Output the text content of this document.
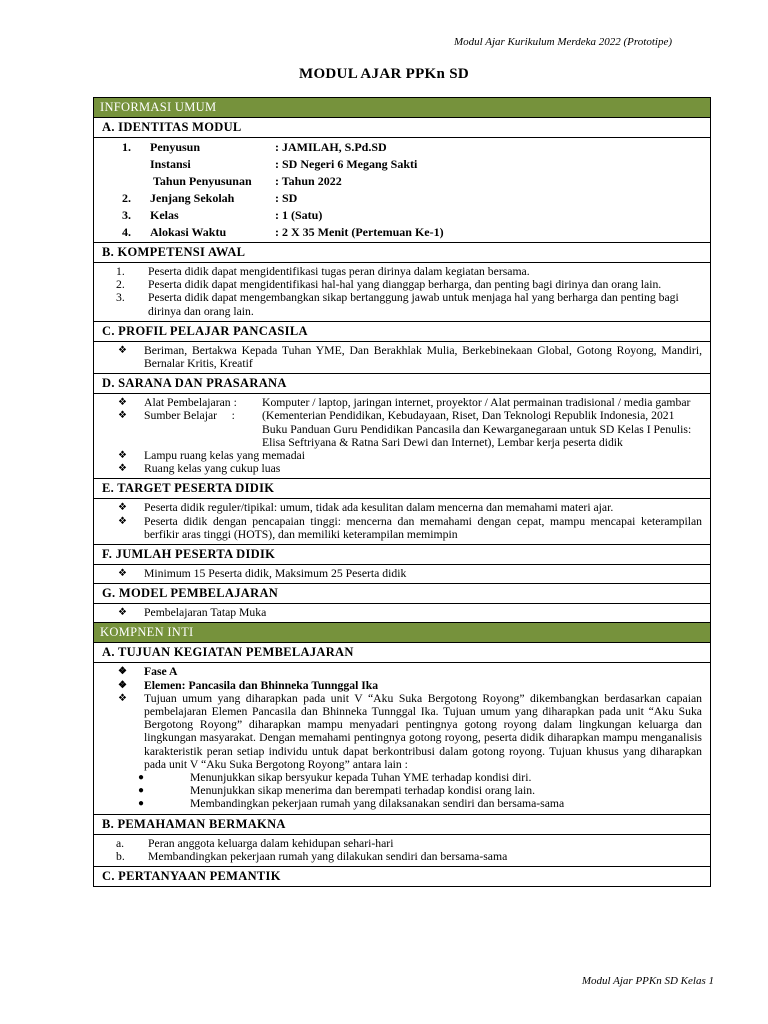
Modul Ajar Kurikulum Merdeka 2022 (Prototipe)
MODUL AJAR PPKn SD
INFORMASI UMUM
A. IDENTITAS MODUL
1.	Penyusun	: JAMILAH, S.Pd.SD
Instansi	: SD Negeri 6 Megang Sakti
Tahun Penyusunan	: Tahun 2022
2.	Jenjang Sekolah	: SD
3.	Kelas	: 1 (Satu)
4.	Alokasi Waktu	: 2 X 35 Menit (Pertemuan Ke-1)
B. KOMPETENSI AWAL
1.	Peserta didik dapat mengidentifikasi tugas peran dirinya dalam kegiatan bersama.
2.	Peserta didik dapat mengidentifikasi hal-hal yang dianggap berharga, dan penting bagi dirinya dan orang lain.
3.	Peserta didik dapat mengembangkan sikap bertanggung jawab untuk menjaga hal yang berharga dan penting bagi dirinya dan orang lain.
C. PROFIL PELAJAR PANCASILA
❖	Beriman, Bertakwa Kepada Tuhan YME, Dan Berakhlak Mulia, Berkebinekaan Global, Gotong Royong, Mandiri, Bernalar Kritis, Kreatif
D. SARANA DAN PRASARANA
❖	Alat Pembelajaran :	Komputer / laptop, jaringan internet, proyektor / Alat permainan tradisional / media gambar
❖	Sumber Belajar     :	(Kementerian Pendidikan, Kebudayaan, Riset, Dan Teknologi Republik Indonesia, 2021 Buku Panduan Guru Pendidikan Pancasila dan Kewarganegaraan untuk SD Kelas I Penulis: Elisa Seftriyana & Ratna Sari Dewi dan Internet), Lembar kerja peserta didik
❖	Lampu ruang kelas yang memadai
❖	Ruang kelas yang cukup luas
E. TARGET PESERTA DIDIK
❖	Peserta didik reguler/tipikal: umum, tidak ada kesulitan dalam mencerna dan memahami materi ajar.
❖	Peserta didik dengan pencapaian tinggi: mencerna dan memahami dengan cepat, mampu mencapai keterampilan berfikir aras tinggi (HOTS), dan memiliki keterampilan memimpin
F. JUMLAH PESERTA DIDIK
❖	Minimum 15 Peserta didik, Maksimum 25 Peserta didik
G. MODEL PEMBELAJARAN
❖	Pembelajaran Tatap Muka
KOMPNEN INTI
A. TUJUAN KEGIATAN PEMBELAJARAN
❖	Fase A
❖	Elemen: Pancasila dan Bhinneka Tunnggal Ika
❖	Tujuan umum yang diharapkan pada unit V “Aku Suka Bergotong Royong” dikembangkan berdasarkan capaian pembelajaran Elemen Pancasila dan Bhinneka Tunnggal Ika. Tujuan umum yang diharapkan pada unit “Aku Suka Bergotong Royong” diharapkan mampu menyadari pentingnya gotong royong dalam lingkungan keluarga dan lingkungan masyarakat. Dengan memahami pentingnya gotong royong, peserta didik diharapkan mampu menganalisis karakteristik peran setiap individu untuk dapat berkontribusi dalam gotong royong. Tujuan khusus yang diharapkan pada unit V “Aku Suka Bergotong Royong” antara lain :
●	Menunjukkan sikap bersyukur kepada Tuhan YME terhadap kondisi diri.
●	Menunjukkan sikap menerima dan berempati terhadap kondisi orang lain.
●	Membandingkan pekerjaan rumah yang dilaksanakan sendiri dan bersama-sama
B. PEMAHAMAN BERMAKNA
a.	Peran anggota keluarga dalam kehidupan sehari-hari
b.	Membandingkan pekerjaan rumah yang dilakukan sendiri dan bersama-sama
C. PERTANYAAN PEMANTIK
Modul Ajar PPKn SD Kelas 1
